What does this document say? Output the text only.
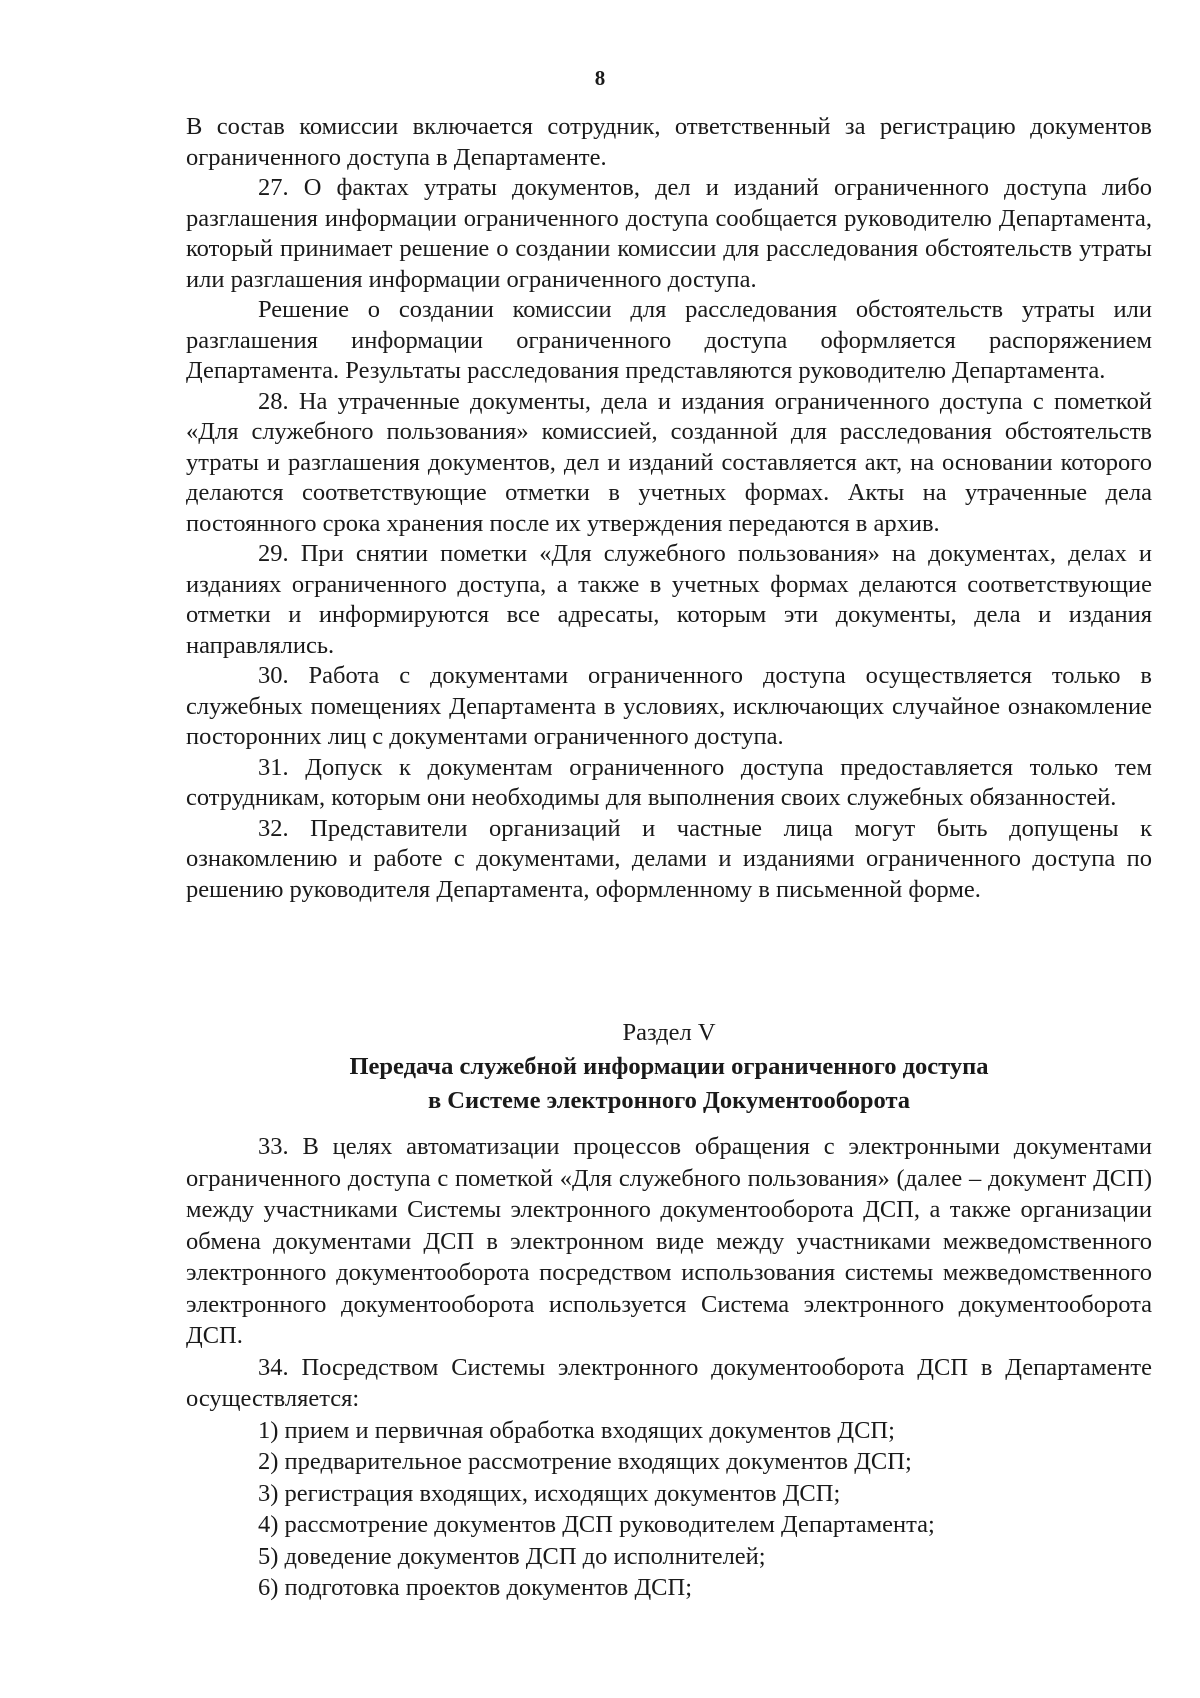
8

В состав комиссии включается сотрудник, ответственный за регистрацию документов ограниченного доступа в Департаменте.

27. О фактах утраты документов, дел и изданий ограниченного доступа либо разглашения информации ограниченного доступа сообщается руководителю Департамента, который принимает решение о создании комиссии для расследования обстоятельств утраты или разглашения информации ограниченного доступа.

Решение о создании комиссии для расследования обстоятельств утраты или разглашения информации ограниченного доступа оформляется распоряжением Департамента. Результаты расследования представляются руководителю Департамента.

28. На утраченные документы, дела и издания ограниченного доступа с пометкой «Для служебного пользования» комиссией, созданной для расследования обстоятельств утраты и разглашения документов, дел и изданий составляется акт, на основании которого делаются соответствующие отметки в учетных формах. Акты на утраченные дела постоянного срока хранения после их утверждения передаются в архив.

29. При снятии пометки «Для служебного пользования» на документах, делах и изданиях ограниченного доступа, а также в учетных формах делаются соответствующие отметки и информируются все адресаты, которым эти документы, дела и издания направлялись.

30. Работа с документами ограниченного доступа осуществляется только в служебных помещениях Департамента в условиях, исключающих случайное ознакомление посторонних лиц с документами ограниченного доступа.

31. Допуск к документам ограниченного доступа предоставляется только тем сотрудникам, которым они необходимы для выполнения своих служебных обязанностей.

32. Представители организаций и частные лица могут быть допущены к ознакомлению и работе с документами, делами и изданиями ограниченного доступа по решению руководителя Департамента, оформленному в письменной форме.

Раздел V
Передача служебной информации ограниченного доступа
в Системе электронного Документооборота

33. В целях автоматизации процессов обращения с электронными документами ограниченного доступа с пометкой «Для служебного пользования» (далее – документ ДСП) между участниками Системы электронного документооборота ДСП, а также организации обмена документами ДСП в электронном виде между участниками межведомственного электронного документооборота посредством использования системы межведомственного электронного документооборота используется Система электронного документооборота ДСП.

34. Посредством Системы электронного документооборота ДСП в Департаменте осуществляется:

1) прием и первичная обработка входящих документов ДСП;

2) предварительное рассмотрение входящих документов ДСП;

3) регистрация входящих, исходящих документов ДСП;

4) рассмотрение документов ДСП руководителем Департамента;

5) доведение документов ДСП до исполнителей;

6) подготовка проектов документов ДСП;
